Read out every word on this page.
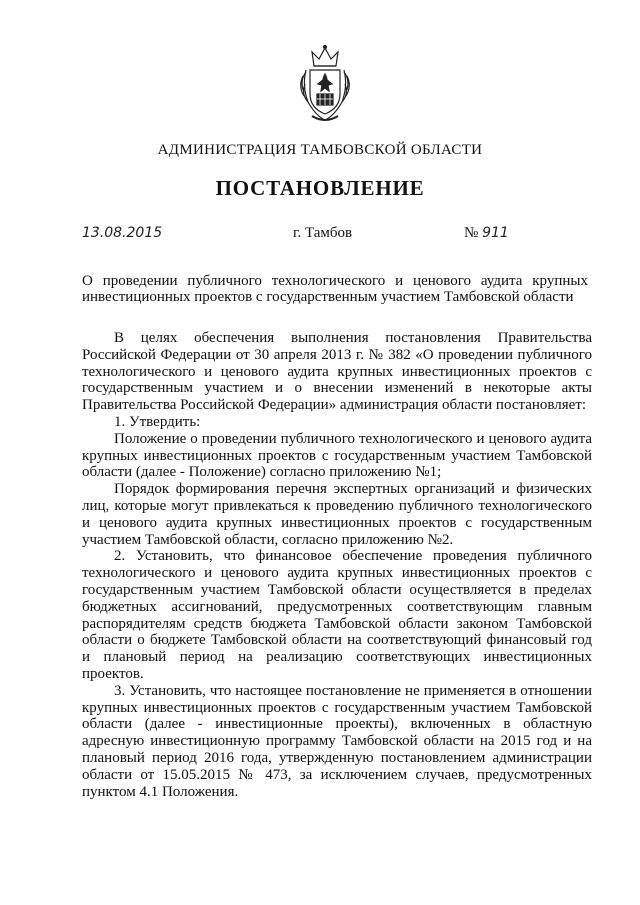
АДМИНИСТРАЦИЯ ТАМБОВСКОЙ ОБЛАСТИ
ПОСТАНОВЛЕНИЕ
13.08.2015	г. Тамбов	№ 911
О проведении публичного технологического и ценового аудита крупных инвестиционных проектов с государственным участием Тамбовской области

В целях обеспечения выполнения постановления Правительства Российской Федерации от 30 апреля 2013 г. № 382 «О проведении публичного технологического и ценового аудита крупных инвестиционных проектов с государственным участием и о внесении изменений в некоторые акты Правительства Российской Федерации» администрация области постановляет:

1. Утвердить:

Положение о проведении публичного технологического и ценового аудита крупных инвестиционных проектов с государственным участием Тамбовской области (далее - Положение) согласно приложению №1;

Порядок формирования перечня экспертных организаций и физических лиц, которые могут привлекаться к проведению публичного технологического и ценового аудита крупных инвестиционных проектов с государственным участием Тамбовской области, согласно приложению №2.

2. Установить, что финансовое обеспечение проведения публичного технологического и ценового аудита крупных инвестиционных проектов с государственным участием Тамбовской области осуществляется в пределах бюджетных ассигнований, предусмотренных соответствующим главным распорядителям средств бюджета Тамбовской области законом Тамбовской области о бюджете Тамбовской области на соответствующий финансовый год и плановый период на реализацию соответствующих инвестиционных проектов.

3. Установить, что настоящее постановление не применяется в отношении крупных инвестиционных проектов с государственным участием Тамбовской области (далее - инвестиционные проекты), включенных в областную адресную инвестиционную программу Тамбовской области на 2015 год и на плановый период 2016 года, утвержденную постановлением администрации области от 15.05.2015 № 473, за исключением случаев, предусмотренных пунктом 4.1 Положения.
